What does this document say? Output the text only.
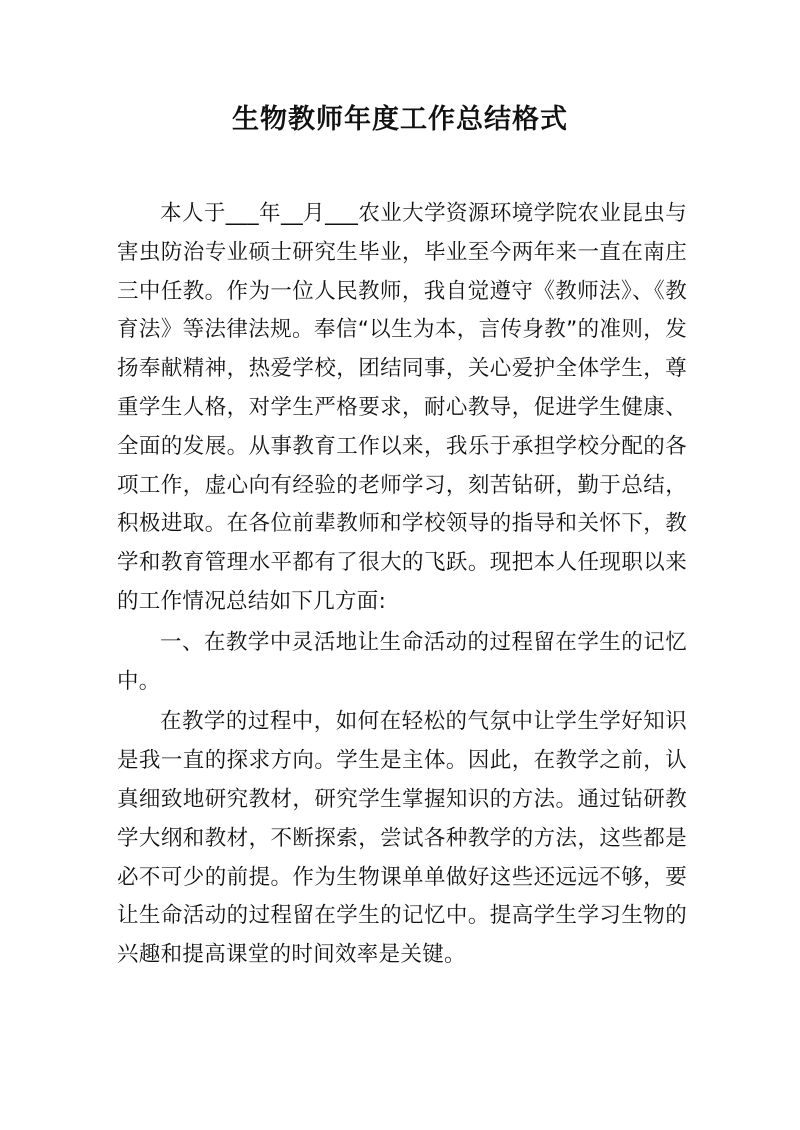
生物教师年度工作总结格式

本人于___年__月___农业大学资源环境学院农业昆虫与害虫防治专业硕士研究生毕业，毕业至今两年来一直在南庄三中任教。作为一位人民教师，我自觉遵守《教师法》、《教育法》等法律法规。奉信“以生为本，言传身教”的准则，发扬奉献精神，热爱学校，团结同事，关心爱护全体学生，尊重学生人格，对学生严格要求，耐心教导，促进学生健康、全面的发展。从事教育工作以来，我乐于承担学校分配的各项工作，虚心向有经验的老师学习，刻苦钻研，勤于总结，积极进取。在各位前辈教师和学校领导的指导和关怀下，教学和教育管理水平都有了很大的飞跃。现把本人任现职以来的工作情况总结如下几方面:

一、在教学中灵活地让生命活动的过程留在学生的记忆中。

在教学的过程中，如何在轻松的气氛中让学生学好知识是我一直的探求方向。学生是主体。因此，在教学之前，认真细致地研究教材，研究学生掌握知识的方法。通过钻研教学大纲和教材，不断探索，尝试各种教学的方法，这些都是必不可少的前提。作为生物课单单做好这些还远远不够，要让生命活动的过程留在学生的记忆中。提高学生学习生物的兴趣和提高课堂的时间效率是关键。
